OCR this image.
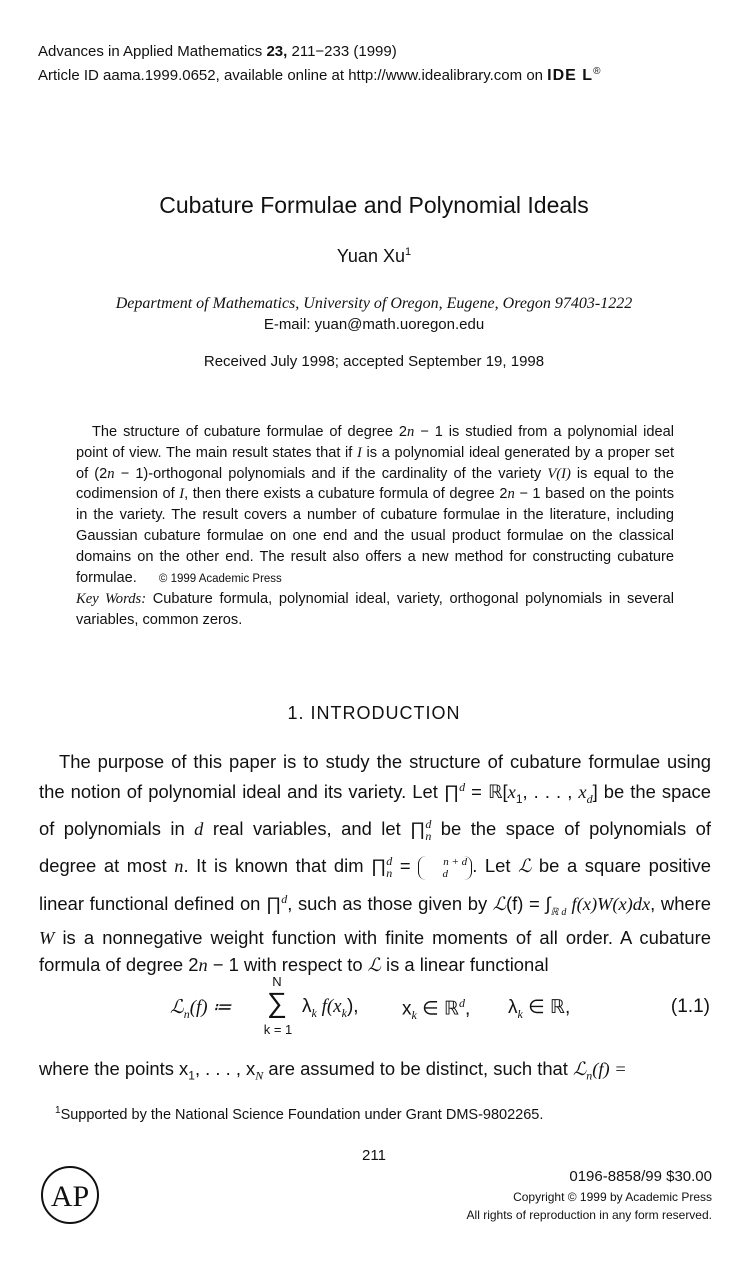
Advances in Applied Mathematics 23, 211−233 (1999)
Article ID aama.1999.0652, available online at http://www.idealibrary.com on IDE L®
Cubature Formulae and Polynomial Ideals
Yuan Xu$^1$
Department of Mathematics, University of Oregon, Eugene, Oregon 97403-1222
E-mail: yuan@math.uoregon.edu
Received July 1998; accepted September 19, 1998
The structure of cubature formulae of degree 2n − 1 is studied from a polynomial ideal point of view. The main result states that if I is a polynomial ideal generated by a proper set of (2n − 1)-orthogonal polynomials and if the cardinality of the variety V(I) is equal to the codimension of I, then there exists a cubature formula of degree 2n − 1 based on the points in the variety. The result covers a number of cubature formulae in the literature, including Gaussian cubature formulae on one end and the usual product formulae on the classical domains on the other end. The result also offers a new method for constructing cubature formulae. © 1999 Academic Press
Key Words: Cubature formula, polynomial ideal, variety, orthogonal polynomials in several variables, common zeros.
1. INTRODUCTION

The purpose of this paper is to study the structure of cubature formulae using the notion of polynomial ideal and its variety. Let ∏$^d$ = $ℝ[x_1$, . . . , $x_d$] be the space of polynomials in d real variables, and let ∏$^d_n$ be the space of polynomials of degree at most n. It is known that dim ∏$^d_n$ = n + d
d . Let ℒ be a square positive linear functional defined on ∏$^d$, such as those given by ℒ(f) = $\int_{ℝ d}$ f(x)W(x)dx, where W is a nonnegative weight function with finite moments of all order. A cubature formula of degree 2n − 1 with respect to ℒ is a linear functional

ℒ$_n$(f) ≔
N
∑
k = 1
$\lambda_k$ $f(x_k)$, $x_k$ ∈ ℝ$^d$, $\lambda_k$ ∈ ℝ,	(1.1)
where the points $x_1$, . . . , $x_N$ are assumed to be distinct, such that ℒ$_n$(f) =
$^1$Supported by the National Science Foundation under Grant DMS-9802265.
211
AP
0196-8858/99 $30.00
Copyright © 1999 by Academic Press
All rights of reproduction in any form reserved.
